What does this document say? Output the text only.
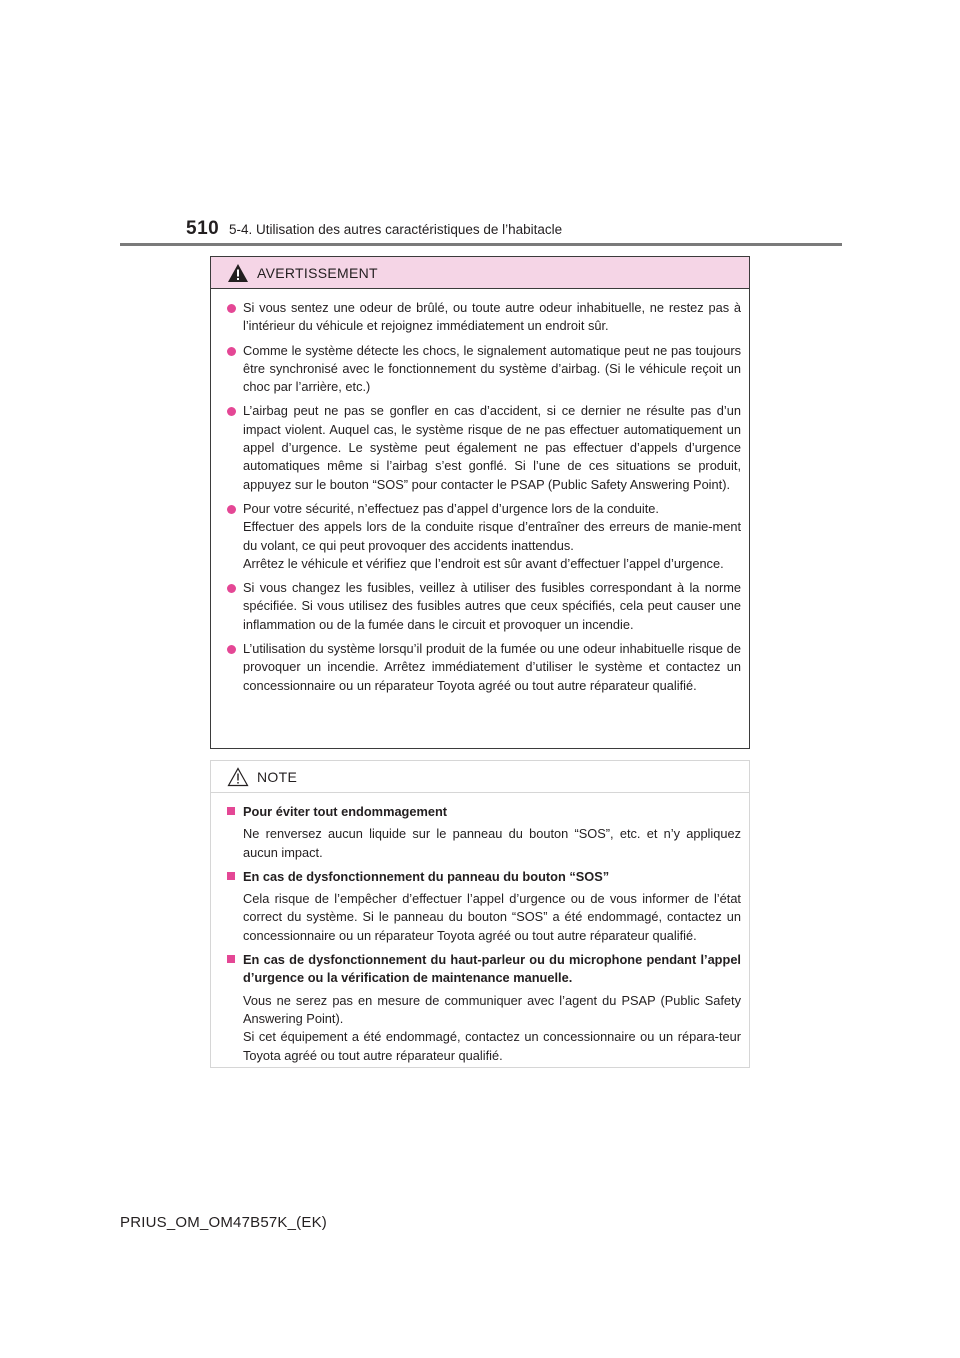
510 5-4. Utilisation des autres caractéristiques de l’habitacle
AVERTISSEMENT
Si vous sentez une odeur de brûlé, ou toute autre odeur inhabituelle, ne restez pas à l’intérieur du véhicule et rejoignez immédiatement un endroit sûr.
Comme le système détecte les chocs, le signalement automatique peut ne pas toujours être synchronisé avec le fonctionnement du système d’airbag. (Si le véhicule reçoit un choc par l’arrière, etc.)
L’airbag peut ne pas se gonfler en cas d’accident, si ce dernier ne résulte pas d’un impact violent. Auquel cas, le système risque de ne pas effectuer automatiquement un appel d’urgence. Le système peut également ne pas effectuer d’appels d’urgence automatiques même si l’airbag s’est gonflé. Si l’une de ces situations se produit, appuyez sur le bouton “SOS” pour contacter le PSAP (Public Safety Answering Point).
Pour votre sécurité, n’effectuez pas d’appel d’urgence lors de la conduite.
Effectuer des appels lors de la conduite risque d’entraîner des erreurs de manie-ment du volant, ce qui peut provoquer des accidents inattendus.
Arrêtez le véhicule et vérifiez que l’endroit est sûr avant d’effectuer l’appel d’urgence.
Si vous changez les fusibles, veillez à utiliser des fusibles correspondant à la norme spécifiée. Si vous utilisez des fusibles autres que ceux spécifiés, cela peut causer une inflammation ou de la fumée dans le circuit et provoquer un incendie.
L’utilisation du système lorsqu’il produit de la fumée ou une odeur inhabituelle risque de provoquer un incendie. Arrêtez immédiatement d’utiliser le système et contactez un concessionnaire ou un réparateur Toyota agréé ou tout autre réparateur qualifié.
NOTE
Pour éviter tout endommagement
Ne renversez aucun liquide sur le panneau du bouton “SOS”, etc. et n’y appliquez aucun impact.
En cas de dysfonctionnement du panneau du bouton “SOS”
Cela risque de l’empêcher d’effectuer l’appel d’urgence ou de vous informer de l’état correct du système. Si le panneau du bouton “SOS” a été endommagé, contactez un concessionnaire ou un réparateur Toyota agréé ou tout autre réparateur qualifié.
En cas de dysfonctionnement du haut-parleur ou du microphone pendant l’appel d’urgence ou la vérification de maintenance manuelle.
Vous ne serez pas en mesure de communiquer avec l’agent du PSAP (Public Safety Answering Point).
Si cet équipement a été endommagé, contactez un concessionnaire ou un répara-teur Toyota agréé ou tout autre réparateur qualifié.
PRIUS_OM_OM47B57K_(EK)
